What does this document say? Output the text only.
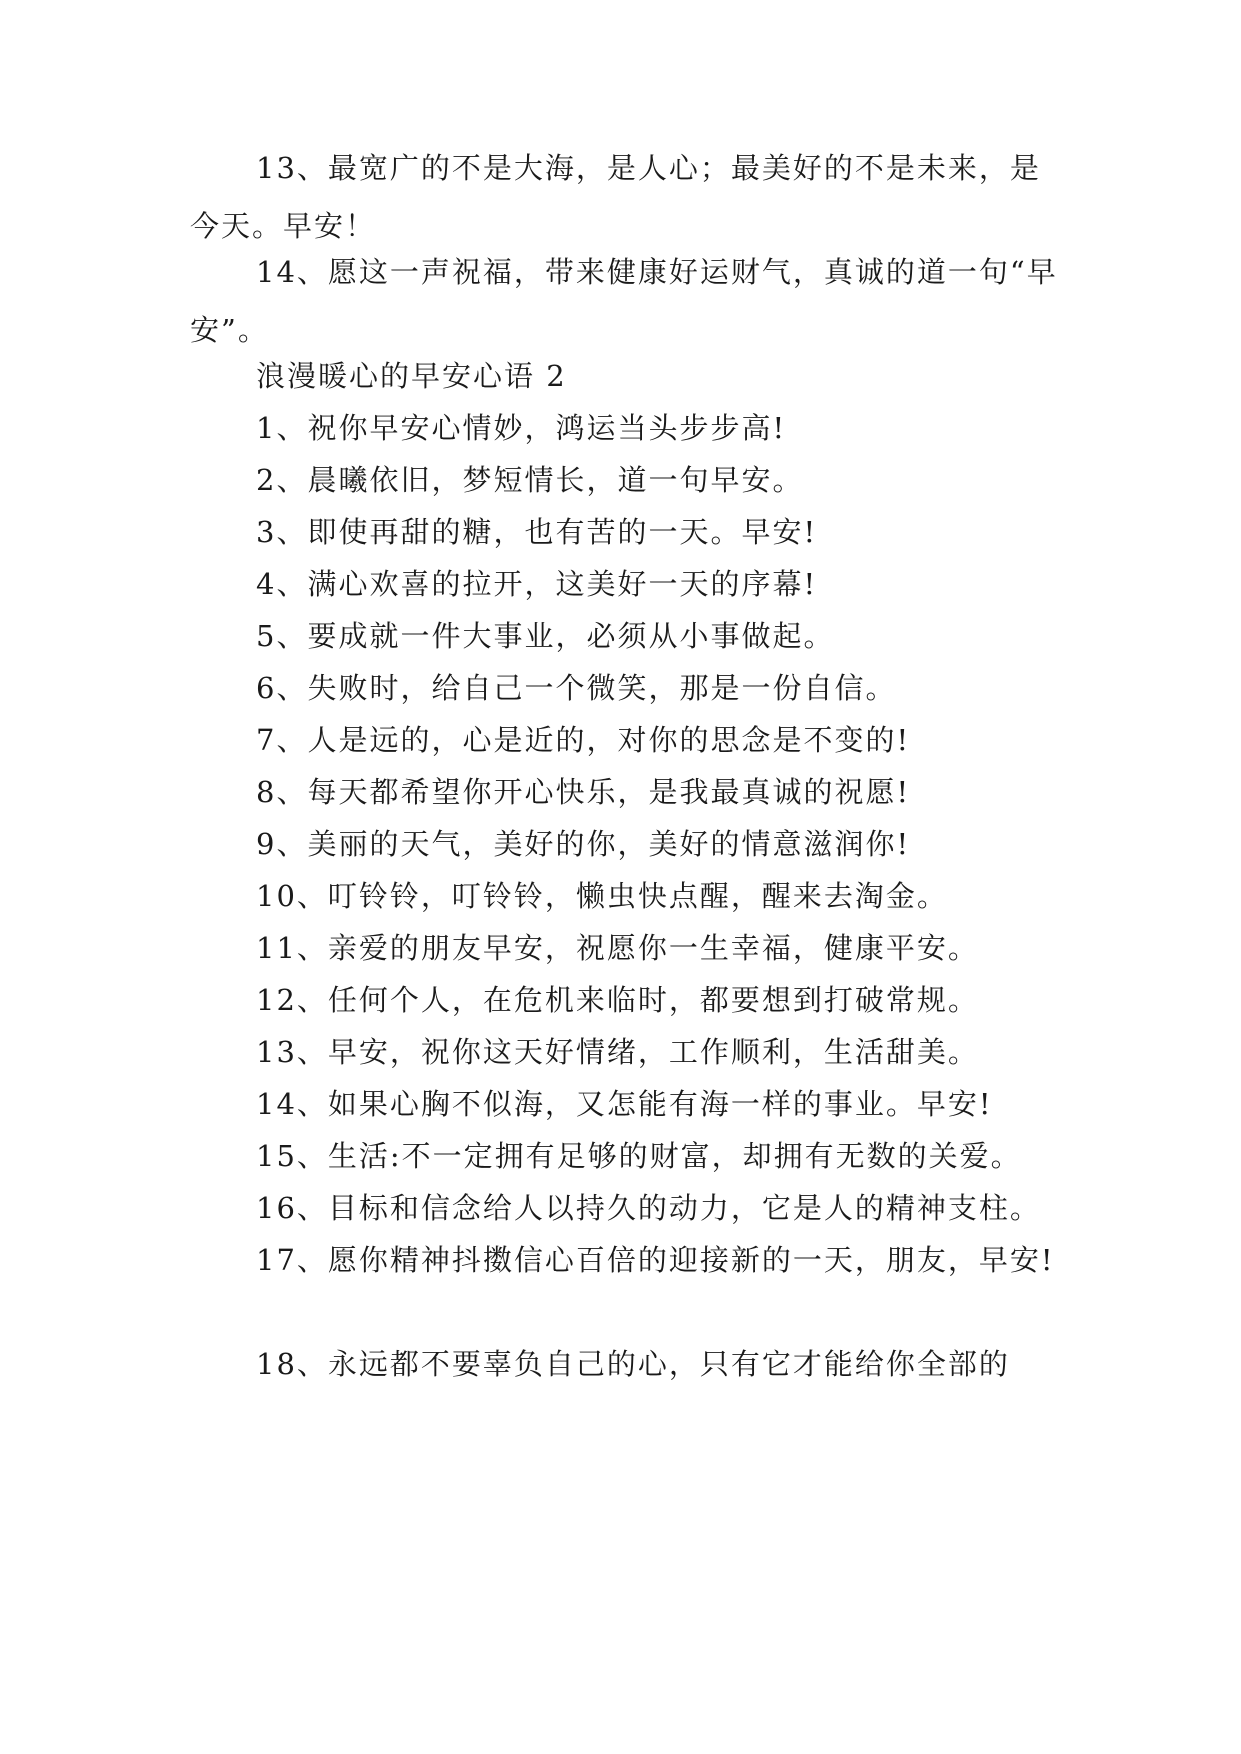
13、最宽广的不是大海，是人心；最美好的不是未来，是今天。早安！

14、愿这一声祝福，带来健康好运财气，真诚的道一句“早安”。

浪漫暖心的早安心语 2

1、祝你早安心情妙，鸿运当头步步高!

2、晨曦依旧，梦短情长，道一句早安。

3、即使再甜的糖，也有苦的一天。早安!

4、满心欢喜的拉开，这美好一天的序幕!

5、要成就一件大事业，必须从小事做起。

6、失败时，给自己一个微笑，那是一份自信。

7、人是远的，心是近的，对你的思念是不变的!

8、每天都希望你开心快乐，是我最真诚的祝愿!

9、美丽的天气，美好的你，美好的情意滋润你!

10、叮铃铃，叮铃铃，懒虫快点醒，醒来去淘金。

11、亲爱的朋友早安，祝愿你一生幸福，健康平安。

12、任何个人，在危机来临时，都要想到打破常规。

13、早安，祝你这天好情绪，工作顺利，生活甜美。

14、如果心胸不似海，又怎能有海一样的事业。早安!

15、生活:不一定拥有足够的财富，却拥有无数的关爱。

16、目标和信念给人以持久的动力，它是人的精神支柱。

17、愿你精神抖擞信心百倍的迎接新的一天，朋友，早安!

18、永远都不要辜负自己的心，只有它才能给你全部的
